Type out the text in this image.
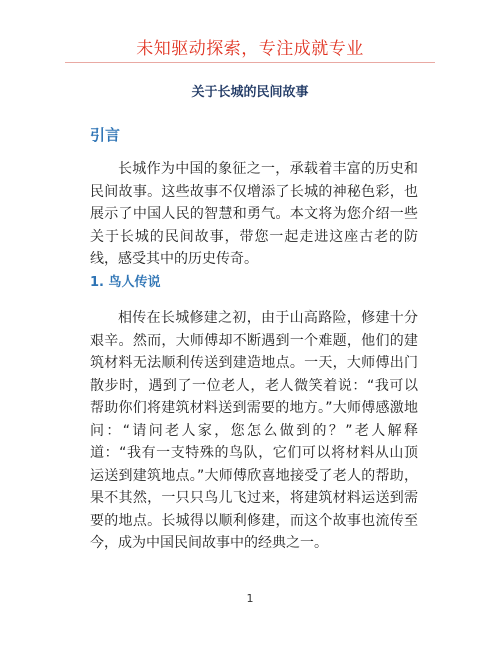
未知驱动探索，专注成就专业
关于长城的民间故事
引言

长城作为中国的象征之一，承载着丰富的历史和民间故事。这些故事不仅增添了长城的神秘色彩，也展示了中国人民的智慧和勇气。本文将为您介绍一些关于长城的民间故事，带您一起走进这座古老的防线，感受其中的历史传奇。

1. 鸟人传说

相传在长城修建之初，由于山高路险，修建十分艰辛。然而，大师傅却不断遇到一个难题，他们的建筑材料无法顺利传送到建造地点。一天，大师傅出门散步时，遇到了一位老人，老人微笑着说：“我可以帮助你们将建筑材料送到需要的地方。”大师傅感激地问：“请问老人家，您怎么做到的？”老人解释道：“我有一支特殊的鸟队，它们可以将材料从山顶运送到建筑地点。”大师傅欣喜地接受了老人的帮助，果不其然，一只只鸟儿飞过来，将建筑材料运送到需要的地点。长城得以顺利修建，而这个故事也流传至今，成为中国民间故事中的经典之一。

1
